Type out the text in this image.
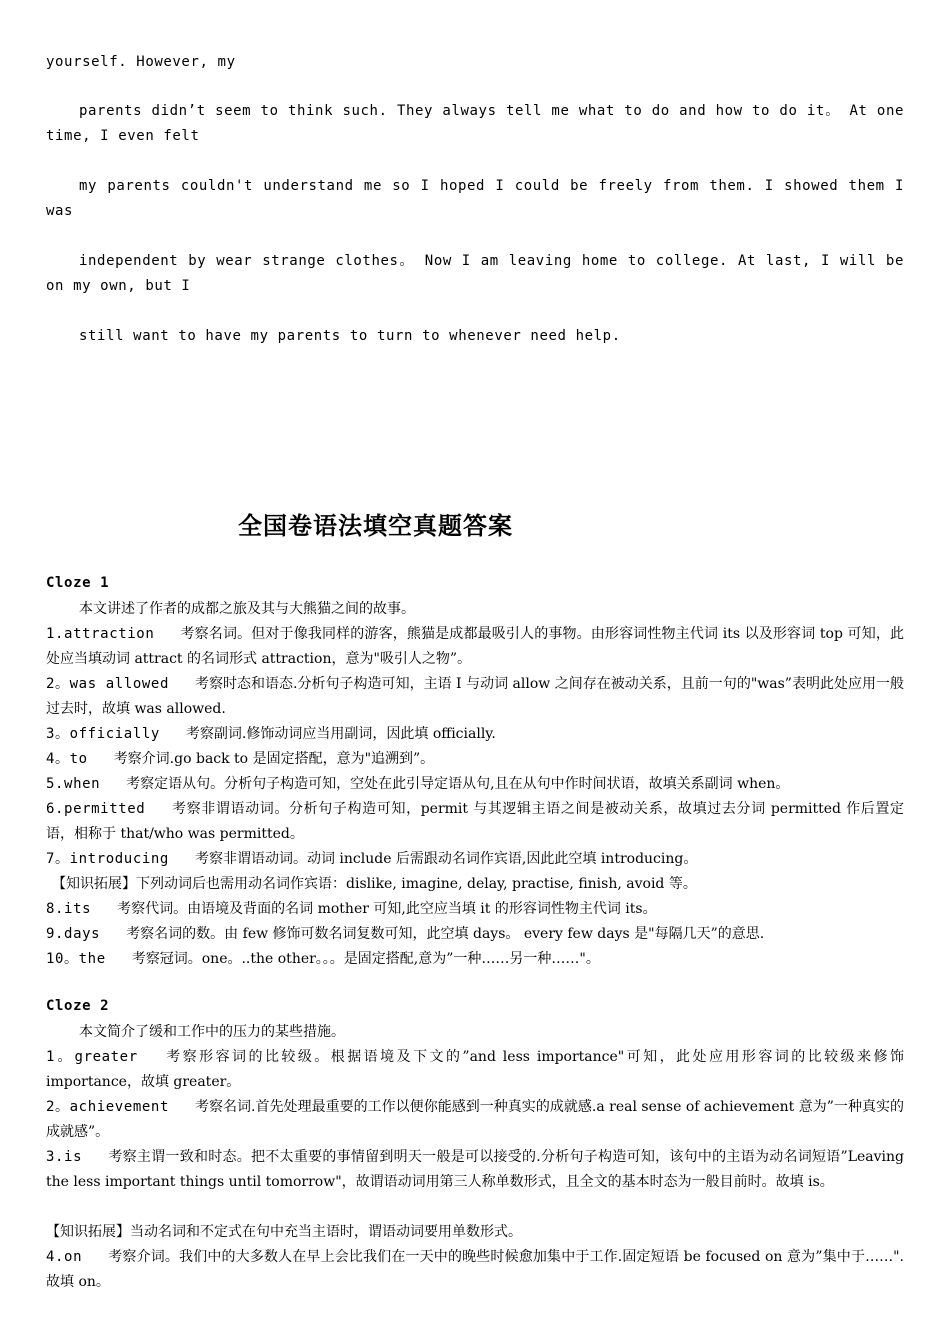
yourself. However, my
parents didn’t seem to think such. They always tell me what to do and how to do it。 At one time, I even felt
my parents couldn't understand me so I hoped I could be freely from them. I showed them I was
independent by wear strange clothes。 Now I am leaving home to college. At last, I will be on my own, but I
still want to have my parents to turn to whenever need help.
全国卷语法填空真题答案
Cloze 1
本文讲述了作者的成都之旅及其与大熊猫之间的故事。
1.attraction 考察名词。但对于像我同样的游客，熊猫是成都最吸引人的事物。由形容词性物主代词 its 以及形容词 top 可知，此处应当填动词 attract 的名词形式 attraction，意为"吸引人之物”。
2。was allowed 考察时态和语态.分析句子构造可知，主语 I 与动词 allow 之间存在被动关系，且前一句的"was”表明此处应用一般过去时，故填 was allowed.
3。officially 考察副词.修饰动词应当用副词，因此填 officially.
4。to 考察介词.go back to 是固定搭配，意为"追溯到”。
5.when 考察定语从句。分析句子构造可知，空处在此引导定语从句,且在从句中作时间状语，故填关系副词 when。
6.permitted 考察非谓语动词。分析句子构造可知，permit 与其逻辑主语之间是被动关系，故填过去分词 permitted 作后置定语，相称于 that/who was permitted。
7。introducing 考察非谓语动词。动词 include 后需跟动名词作宾语,因此此空填 introducing。
【知识拓展】下列动词后也需用动名词作宾语：dislike, imagine, delay, practise, finish, avoid 等。
8.its 考察代词。由语境及背面的名词 mother 可知,此空应当填 it 的形容词性物主代词 its。
9.days 考察名词的数。由 few 修饰可数名词复数可知，此空填 days。 every few days 是"每隔几天”的意思.
10。the 考察冠词。one。..the other。。。是固定搭配,意为”一种……另一种……"。
Cloze 2
本文简介了缓和工作中的压力的某些措施。
1。greater 考察形容词的比较级。根据语境及下文的”and less importance"可知，此处应用形容词的比较级来修饰 importance，故填 greater。
2。achievement 考察名词.首先处理最重要的工作以便你能感到一种真实的成就感.a real sense of achievement 意为”一种真实的成就感”。
3.is 考察主谓一致和时态。把不太重要的事情留到明天一般是可以接受的.分析句子构造可知，该句中的主语为动名词短语”Leaving the less important things until tomorrow"，故谓语动词用第三人称单数形式，且全文的基本时态为一般目前时。故填 is。
【知识拓展】当动名词和不定式在句中充当主语时，谓语动词要用单数形式。
4.on 考察介词。我们中的大多数人在早上会比我们在一天中的晚些时候愈加集中于工作.固定短语 be focused on 意为”集中于……".故填 on。
